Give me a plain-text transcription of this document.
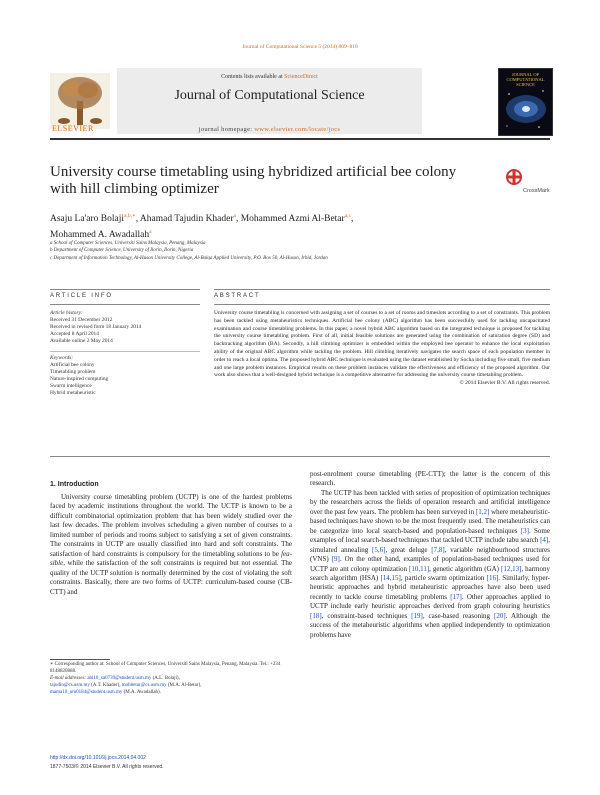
Journal of Computational Science 5 (2014) 809–818
Contents lists available at ScienceDirect
Journal of Computational Science
journal homepage: www.elsevier.com/locate/jocs
ELSEVIER
JOURNAL OF COMPUTATIONAL SCIENCE
University course timetabling using hybridized artificial bee colony with hill climbing optimizer	CrossMark
Asaju La'aro Bolaji$^{a,b,∗}$, Ahamad Tajudin Khader$^a$, Mohammed Azmi Al-Betar$^{a,c}$,
Mohammed A. Awadallah$^a$
a School of Computer Sciences, Universiti Sains Malaysia, Penang, Malaysia
b Department of Computer Science, University of Ilorin, Ilorin, Nigeria
c Department of Information Technology, Al-Huson University College, Al-Balqa Applied University, P.O. Box 50, Al-Huson, Irbid, Jordan
ARTICLE INFO	ABSTRACT
Article history:
Received 31 December 2012
Received in revised form 18 January 2014
Accepted 8 April 2014
Available online 2 May 2014
Keywords:
Artificial bee colony
Timetabling problem
Nature-inspired computing
Swarm intelligence
Hybrid metaheuristic
University course timetabling is concerned with assigning a set of courses to a set of rooms and timeslots according to a set of constraints. This problem has been tackled using metaheuristics techniques. Artificial bee colony (ABC) algorithm has been successfully used for tackling uncapacitated examination and course timetabling problems. In this paper, a novel hybrid ABC algorithm based on the integrated technique is proposed for tackling the university course timetabling problem. First of all, initial feasible solutions are generated using the combination of saturation degree (SD) and backtracking algorithm (BA). Secondly, a hill climbing optimizer is embedded within the employed bee operator to enhance the local exploitation ability of the original ABC algorithm while tackling the problem. Hill climbing iteratively navigates the search space of each population member in order to reach a local optima. The proposed hybrid ABC technique is evaluated using the dataset established by Socha including five small, five medium and one large problem instances. Empirical results on these problem instances validate the effectiveness and efficiency of the proposed algorithm. Our work also shows that a well-designed hybrid technique is a competitive alternative for addressing the university course timetabling problem.
© 2014 Elsevier B.V. All rights reserved.
1. Introduction

University course timetabling problem (UCTP) is one of the hardest problems faced by academic institutions throughout the world. The UCTP is known to be a difficult combinatorial optimization problem that has been widely studied over the last few decades. The problem involves scheduling a given number of courses to a limited number of periods and rooms subject to satisfying a set of given constraints. The constraints in UCTP are usually classified into hard and soft constraints. The satisfaction of hard constraints is compulsory for the timetabling solutions to be fea-sible, while the satisfaction of the soft constraints is required but not essential. The quality of the UCTP solution is normally determined by the cost of violating the soft constraints. Basically, there are two forms of UCTP: curriculum-based course (CB-CTT) and

post-enrolment course timetabling (PE-CTT); the latter is the concern of this research.

The UCTP has been tackled with series of proposition of optimization techniques by the researchers across the fields of operation research and artificial intelligence over the past few years. The problem has been surveyed in [1,2] where metaheuristic-based techniques have shown to be the most frequently used. The metaheuristics can be categorize into local search-based and population-based techniques [3]. Some examples of local search-based techniques that tackled UCTP include tabu search [4], simulated annealing [5,6], great deluge [7,8], variable neighbourhood structures (VNS) [9]. On the other hand, examples of population-based techniques used for UCTP are ant colony optimization [10,11], genetic algorithm (GA) [12,13], harmony search algorithm (HSA) [14,15], particle swarm optimization [16]. Similarly, hyper-heuristic approaches and hybrid metaheuristic approaches have also been used recently to tackle course timetabling problems [17]. Other approaches applied to UCTP include early heuristic approaches derived from graph colouring heuristics [18], constraint-based techniques [19], case-based reasoning [20]. Although the success of the metaheuristic algorithms when applied independently to optimization problems have

∗ Corresponding author at: School of Computer Sciences, Universiti Sains Malaysia, Penang, Malaysia. Tel.: +234 8148820888.
E-mail addresses: abl10_sa0739@student.usm.my (A.L. Bolaji),
tajudin@cs.usm.my (A.T. Khader), mohbetar@cs.usm.my (M.A. Al-Betar),
mama10_om0184@student.usm.my (M.A. Awadallah).
http://dx.doi.org/10.1016/j.jocs.2014.04.002
1877-7503/© 2014 Elsevier B.V. All rights reserved.
